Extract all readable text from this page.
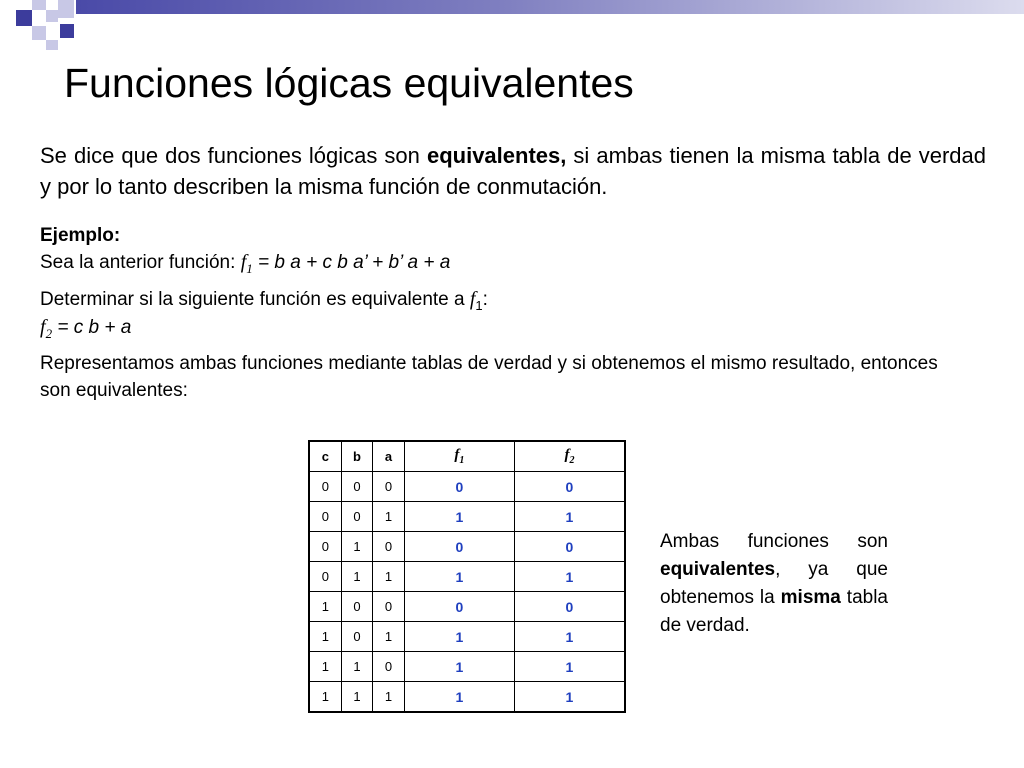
Funciones lógicas equivalentes
Se dice que dos funciones lógicas son equivalentes, si ambas tienen la misma tabla de verdad y por lo tanto describen la misma función de conmutación.
Ejemplo:
Sea la anterior función: $f_1 = b$ a + c b a’ + b’ a + a
Determinar si la siguiente función es equivalente a $f_1$:
$f_2 = c$ b + a
Representamos ambas funciones mediante tablas de verdad y si obtenemos el mismo resultado, entonces son equivalentes:
c	b	a	$f_1$	$f_2$
0	0	0	0	0
0	0	1	1	1
0	1	0	0	0
0	1	1	1	1
1	0	0	0	0
1	0	1	1	1
1	1	0	1	1
1	1	1	1	1
Ambas funciones son equivalentes, ya que obtenemos la misma tabla de verdad.
